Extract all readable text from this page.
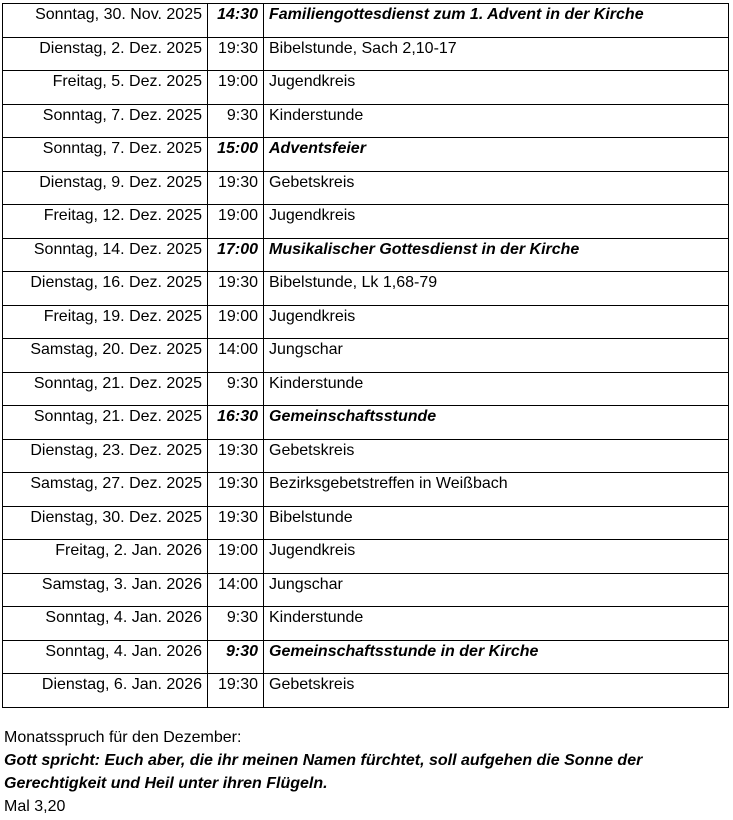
Sonntag, 30. Nov. 2025	14:30	Familiengottesdienst zum 1. Advent in der Kirche
Dienstag, 2. Dez. 2025	19:30	Bibelstunde, Sach 2,10-17
Freitag, 5. Dez. 2025	19:00	Jugendkreis
Sonntag, 7. Dez. 2025	9:30	Kinderstunde
Sonntag, 7. Dez. 2025	15:00	Adventsfeier
Dienstag, 9. Dez. 2025	19:30	Gebetskreis
Freitag, 12. Dez. 2025	19:00	Jugendkreis
Sonntag, 14. Dez. 2025	17:00	Musikalischer Gottesdienst in der Kirche
Dienstag, 16. Dez. 2025	19:30	Bibelstunde, Lk 1,68-79
Freitag, 19. Dez. 2025	19:00	Jugendkreis
Samstag, 20. Dez. 2025	14:00	Jungschar
Sonntag, 21. Dez. 2025	9:30	Kinderstunde
Sonntag, 21. Dez. 2025	16:30	Gemeinschaftsstunde
Dienstag, 23. Dez. 2025	19:30	Gebetskreis
Samstag, 27. Dez. 2025	19:30	Bezirksgebetstreffen in Weißbach
Dienstag, 30. Dez. 2025	19:30	Bibelstunde
Freitag, 2. Jan. 2026	19:00	Jugendkreis
Samstag, 3. Jan. 2026	14:00	Jungschar
Sonntag, 4. Jan. 2026	9:30	Kinderstunde
Sonntag, 4. Jan. 2026	9:30	Gemeinschaftsstunde in der Kirche
Dienstag, 6. Jan. 2026	19:30	Gebetskreis
Monatsspruch für den Dezember:
Gott spricht: Euch aber, die ihr meinen Namen fürchtet, soll aufgehen die Sonne der
Gerechtigkeit und Heil unter ihren Flügeln.
Mal 3,20
